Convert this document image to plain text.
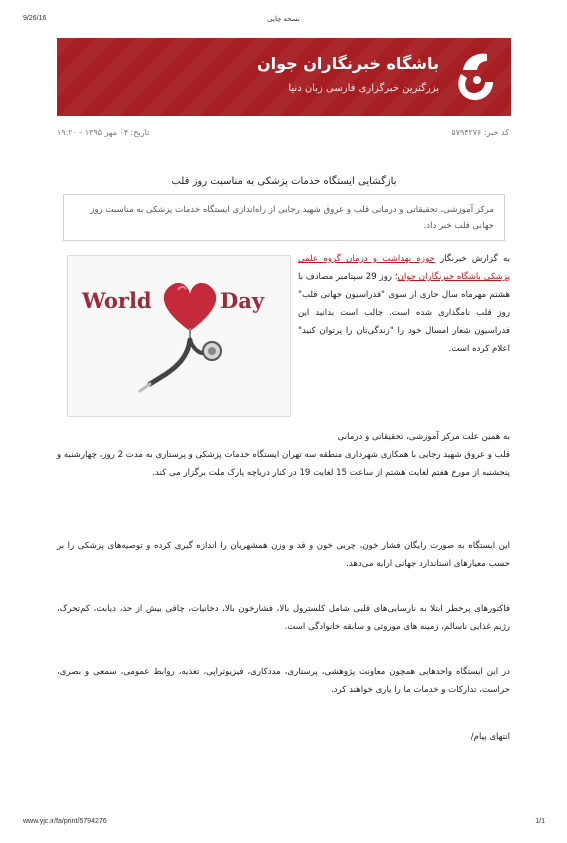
9/26/16	نسخه چاپی
ج
باشگاه خبرنگاران جوان
بزرگترین خبرگزاری فارسی زبان دنیا
کد خبر: ۵۷۹۴۲۷۶
تاریخ: ۰۴ مهر ۱۳۹۵ - ۱۹:۲۰
بازگشایی ایستگاه خدمات پزشکی به مناسبت روز قلب
مرکز آموزشی، تحقیقاتی و درمانی قلب و عروق شهید رجایی از راه‌اندازی ایستگاه خدمات پزشکی به مناسبت روز جهانی قلب خبر داد.
World	Day
به گزارش خبرنگار حوزه بهداشت و درمان گروه علمی پزشکی باشگاه خبرنگاران جوان؛ روز 29 سپتامبر مصادف با هشتم مهرماه سال جاری از سوی "فدراسیون جهانی قلب" روز قلب نامگذاری شده است. جالب است بدانید این فدراسیون شعار امسال خود را "زندگی‌تان را پرتوان کنید" اعلام کرده است.
به همین علت مرکز آموزشی، تحقیقاتی و درمانی
قلب و عروق شهید رجایی با همکاری شهرداری منطقه سه تهران ایستگاه خدمات پزشکی و پرستاری به مدت 2 روز، چهارشنبه و پنجشنبه از مورخ هفتم لغایت هشتم از ساعت 15 لغایت 19 در کنار دریاچه پارک ملت برگزار می کند.
این ایستگاه به صورت رایگان فشار خون، چربی خون و قد و وزن همشهریان را اندازه گیری کرده و توصیه‌های پزشکی را بر حسب معیارهای استاندارد جهانی ارایه می‌دهد.
فاکتورهای پرخطر ابتلا به نارسایی‌های قلبی شامل کلسترول بالا، فشارخون بالا، دخانیات، چاقی بیش از حد، دیابت، کم‌تحرک، رژیم غذایی ناسالم، زمینه های موروثی و سابقه خانوادگی است.
در این ایستگاه واحدهایی همچون معاونت پژوهشی، پرستاری، مددکاری، فیزیوتراپی، تغذیه، روابط عمومی، سمعی و بصری، حراست، تدارکات و خدمات ما را یاری خواهند کرد.
انتهای پیام/
www.yjc.ir/fa/print/5794276	1/1
